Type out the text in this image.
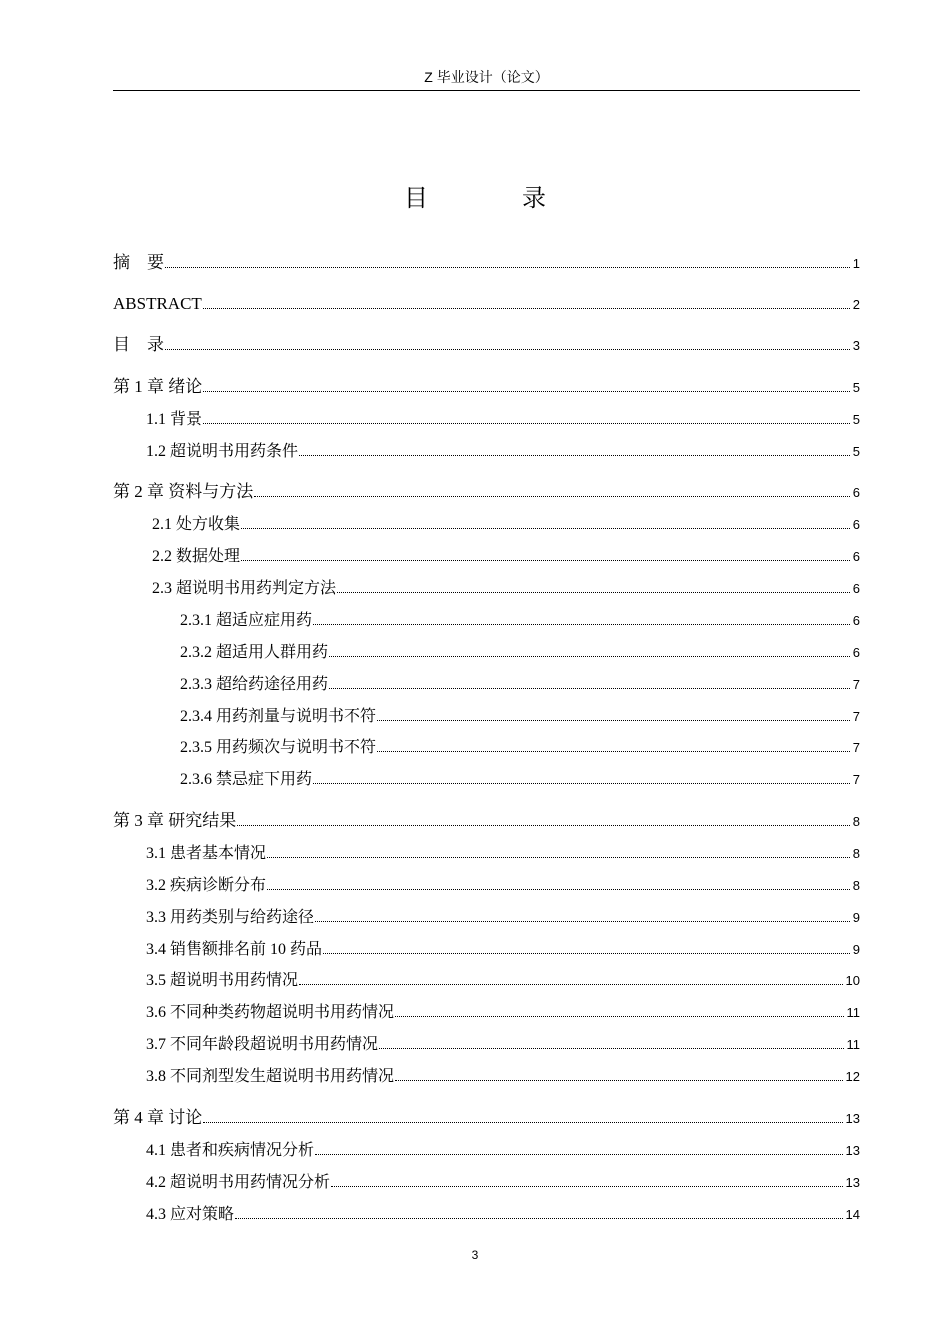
Z 毕业设计（论文）
目 录
摘　要	1
ABSTRACT	2
目　录	3
第 1 章 绪论	5
1.1 背景	5
1.2 超说明书用药条件	5
第 2 章 资料与方法	6
2.1 处方收集	6
2.2 数据处理	6
2.3 超说明书用药判定方法	6
2.3.1 超适应症用药	6
2.3.2 超适用人群用药	6
2.3.3 超给药途径用药	7
2.3.4 用药剂量与说明书不符	7
2.3.5 用药频次与说明书不符	7
2.3.6 禁忌症下用药	7
第 3 章 研究结果	8
3.1 患者基本情况	8
3.2 疾病诊断分布	8
3.3 用药类别与给药途径	9
3.4 销售额排名前 10 药品	9
3.5 超说明书用药情况	10
3.6 不同种类药物超说明书用药情况	11
3.7 不同年龄段超说明书用药情况	11
3.8 不同剂型发生超说明书用药情况	12
第 4 章 讨论	13
4.1 患者和疾病情况分析	13
4.2 超说明书用药情况分析	13
4.3 应对策略	14
3
